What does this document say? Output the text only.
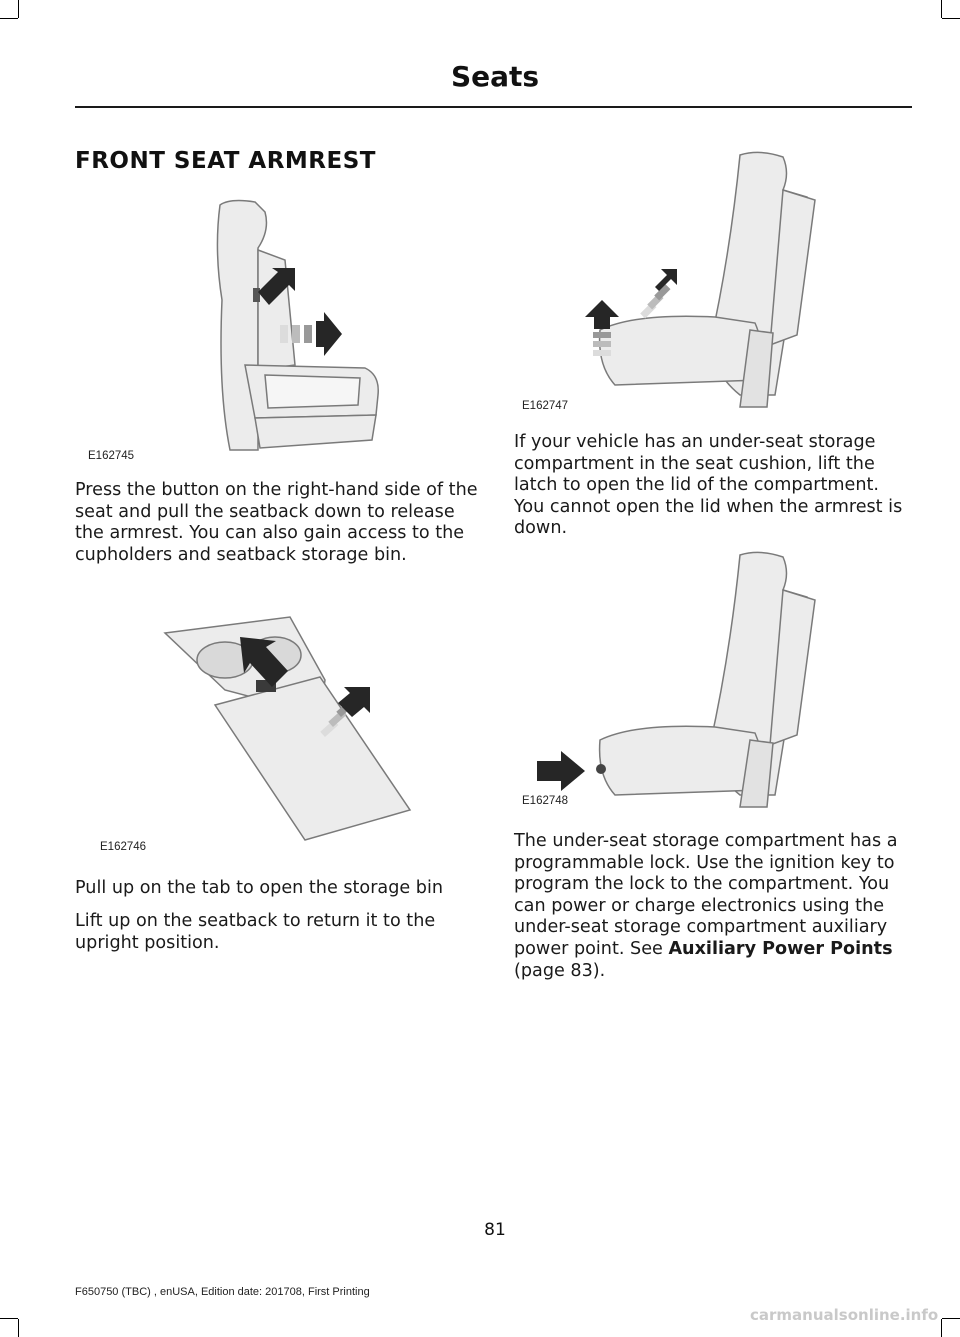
Seats
FRONT SEAT ARMREST
E162745

Press the button on the right-hand side of the seat and pull the seatback down to release the armrest. You can also gain access to the cupholders and seatback storage bin.

E162746

Pull up on the tab to open the storage bin

Lift up on the seatback to return it to the upright position.

E162747

If your vehicle has an under-seat storage compartment in the seat cushion, lift the latch to open the lid of the compartment. You cannot open the lid when the armrest is down.

E162748

The under-seat storage compartment has a programmable lock. Use the ignition key to program the lock to the compartment. You can power or charge electronics using the under-seat storage compartment auxiliary power point. See Auxiliary Power Points (page 83).

81
F650750 (TBC) , enUSA, Edition date: 201708, First Printing
carmanualsonline.info
